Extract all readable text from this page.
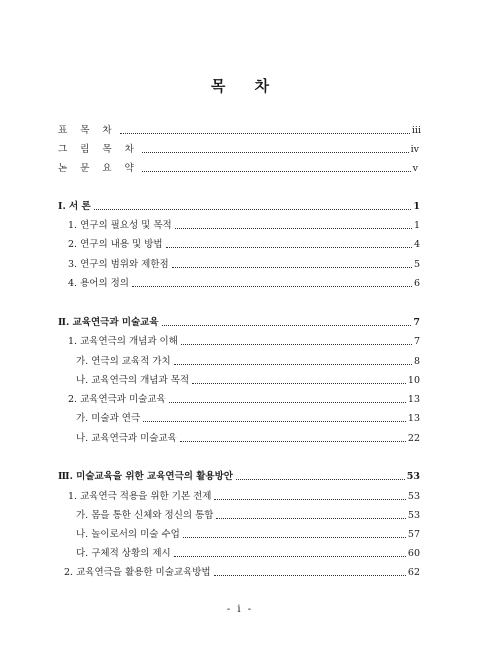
목 차
표 목 차	iii
그 림 목 차	iv
논 문 요 약	v
Ⅰ. 서 론	1
1. 연구의 필요성 및 목적	1
2. 연구의 내용 및 방법	4
3. 연구의 범위와 제한점	5
4. 용어의 정의	6
Ⅱ. 교육연극과 미술교육	7
1. 교육연극의 개념과 이해	7
가. 연극의 교육적 가치	8
나. 교육연극의 개념과 목적	10
2. 교육연극과 미술교육	13
가. 미술과 연극	13
나. 교육연극과 미술교육	22
Ⅲ. 미술교육을 위한 교육연극의 활용방안	53
1. 교육연극 적용을 위한 기본 전제	53
가. 몸을 통한 신체와 정신의 통합	53
나. 놀이로서의 미술 수업	57
다. 구체적 상황의 제시	60
2. 교육연극을 활용한 미술교육방법	62
- i -
